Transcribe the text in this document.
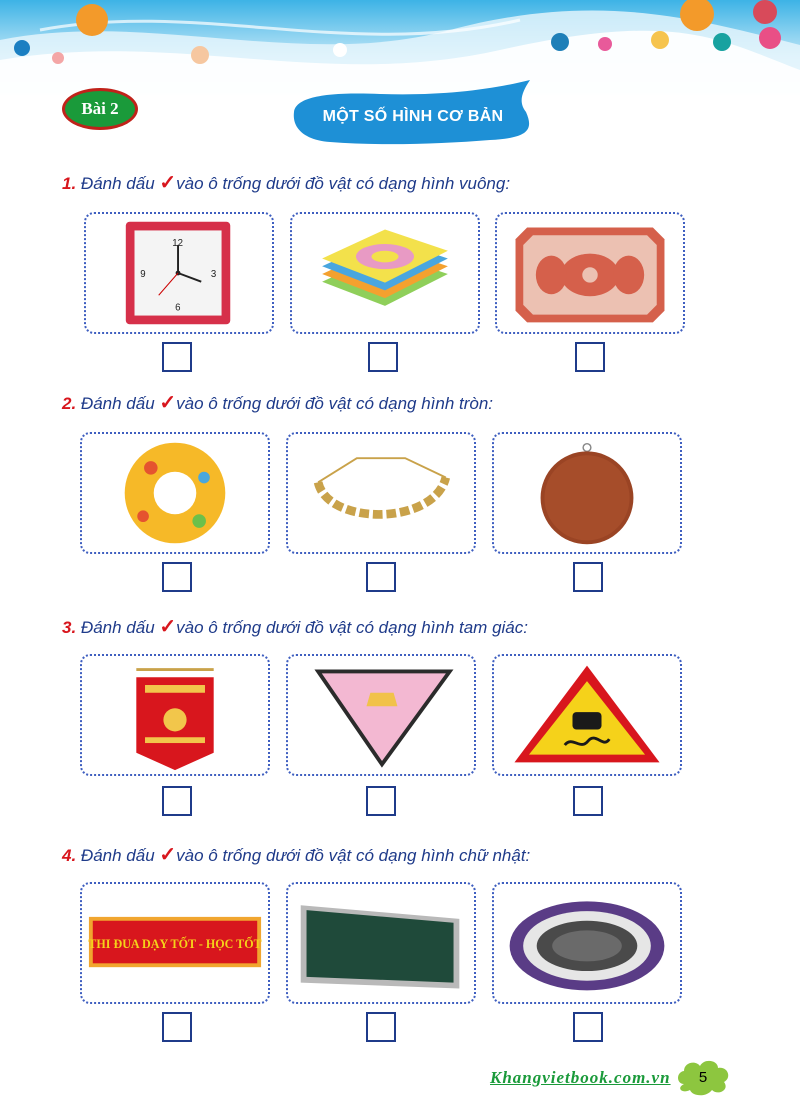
Bài 2	MỘT SỐ HÌNH CƠ BẢN
1. Đánh dấu ✓vào ô trống dưới đồ vật có dạng hình vuông:
2. Đánh dấu ✓vào ô trống dưới đồ vật có dạng hình tròn:
3. Đánh dấu ✓vào ô trống dưới đồ vật có dạng hình tam giác:
4. Đánh dấu ✓vào ô trống dưới đồ vật có dạng hình chữ nhật:
12
3
6
9
THI ĐUA DẠY TỐT - HỌC TỐT
Khangvietbook.com.vn	5
